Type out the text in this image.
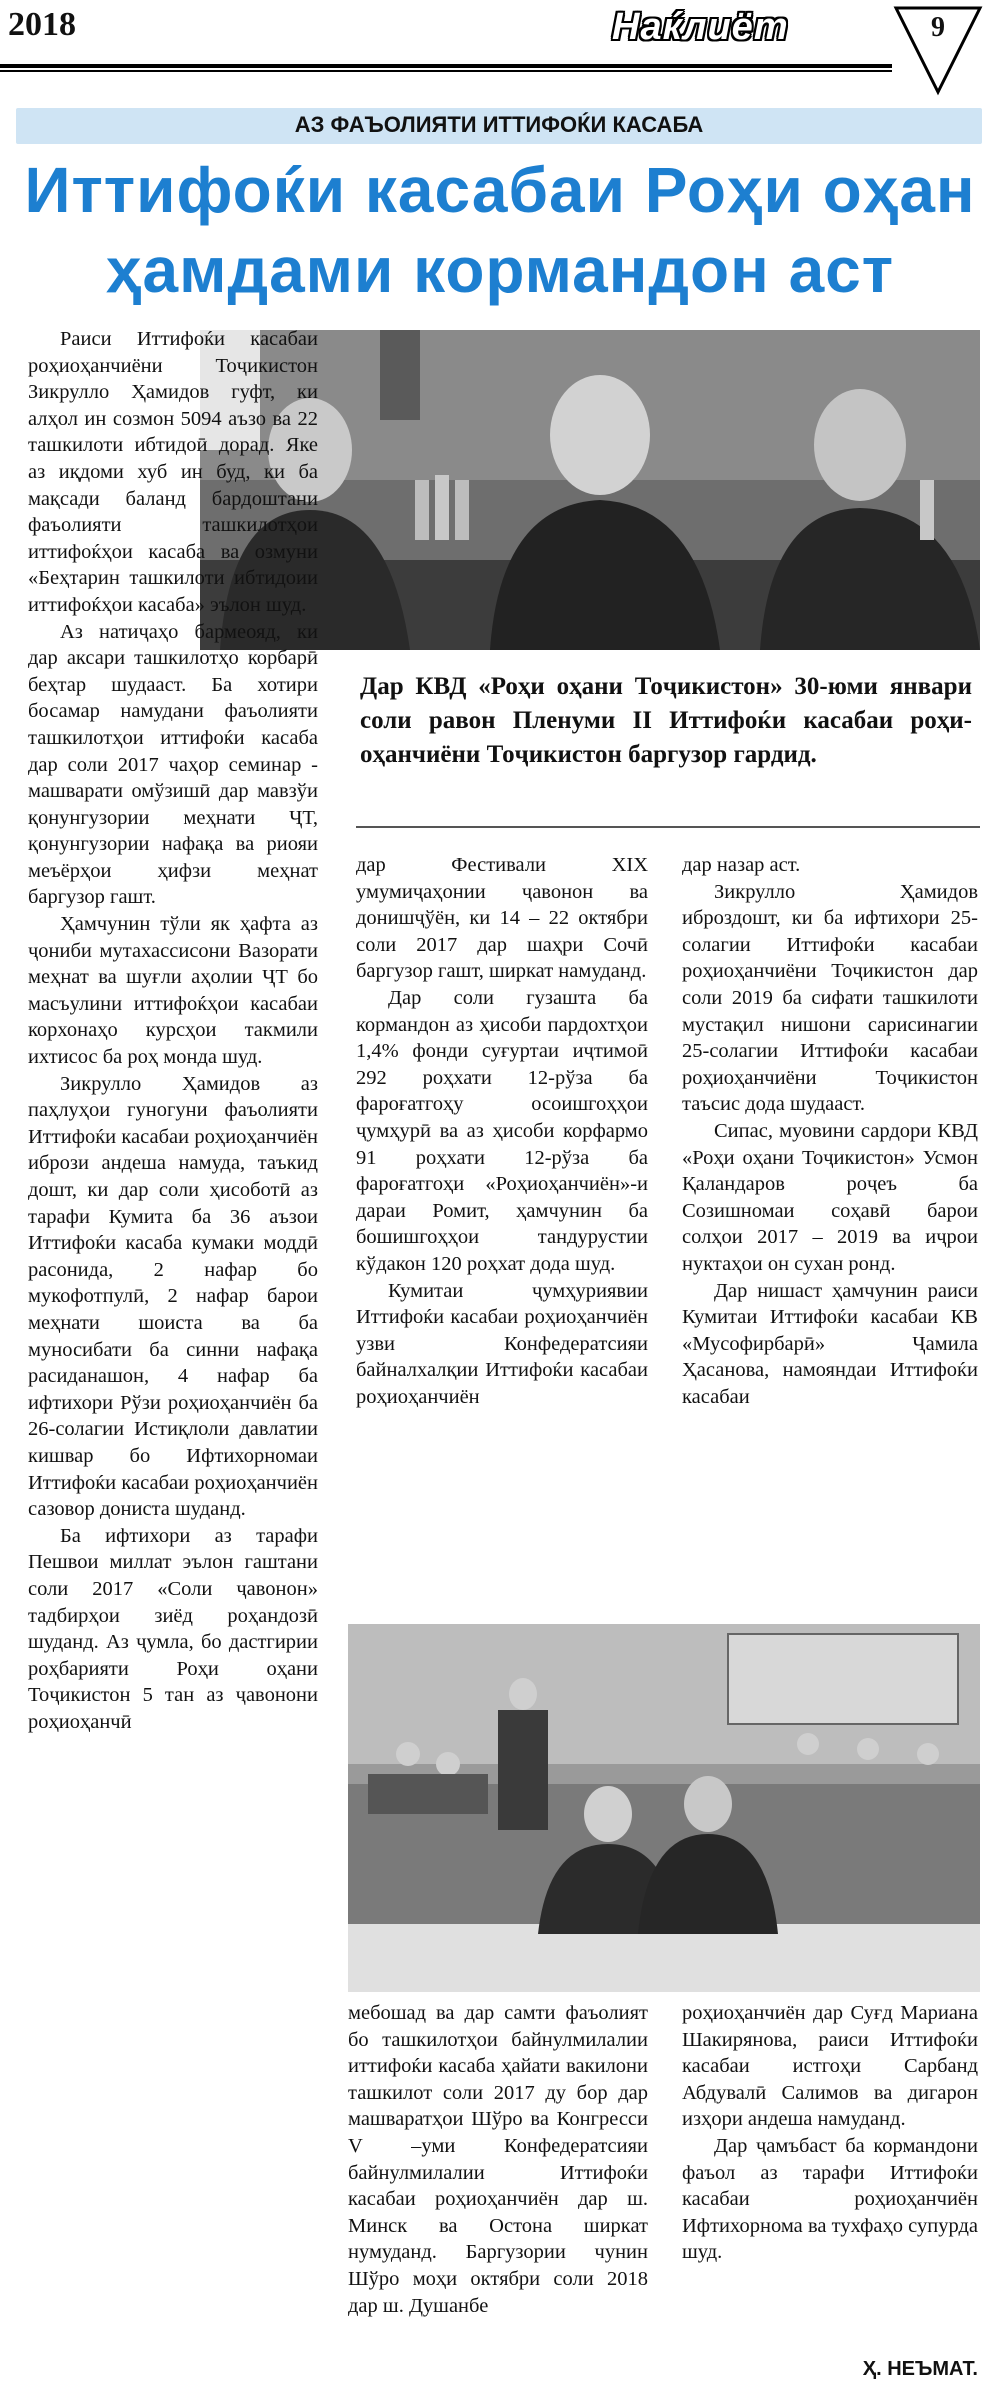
2018	Наќлиёт	9
АЗ ФАЪОЛИЯТИ ИТТИФОЌИ КАСАБА
Иттифоќи касабаи Роҳи оҳан ҳамдами кормандон аст
Дар КВД «Роҳи оҳани Тоҷикистон» 30-юми январи соли равон Пленуми II Иттифоќи касабаи роҳи-оҳанчиёни Тоҷикистон баргузор гардид.

Раиси Иттифоќи касабаи роҳиоҳанчиёни Тоҷикистон Зикрулло Ҳамидов гуфт, ки алҳол ин созмон 5094 аъзо ва 22 ташкилоти ибтидоӣ дорад. Яке аз иқдоми хуб ин буд, ки ба мақсади баланд бардоштани фаъолияти ташкилотҳои иттифоќҳои касаба ва озмуни «Беҳтарин ташкилоти ибтидоии иттифоќҳои касаба» эълон шуд.

Аз натиҷаҳо бармеояд, ки дар аксари ташкилотҳо корбарӣ беҳтар шудааст. Ба хотири босамар намудани фаъолияти ташкилотҳои иттифоќи касаба дар соли 2017 чаҳор семинар - машварати омўзишӣ дар мавзўи қонунгузории меҳнати ҶТ, қонунгузории нафақа ва риояи меъёрҳои ҳифзи меҳнат баргузор гашт.

Ҳамчунин тўли як ҳафта аз ҷониби мутахассисони Вазорати меҳнат ва шуғли аҳолии ҶТ бо масъулини иттифоќҳои касабаи корхонаҳо курсҳои такмили ихтисос ба роҳ монда шуд.

Зикрулло Ҳамидов аз паҳлуҳои гуногуни фаъолияти Иттифоќи касабаи роҳиоҳанчиён ибрози андеша намуда, таъкид дошт, ки дар соли ҳисоботӣ аз тарафи Кумита ба 36 аъзои Иттифоќи касаба кумаки моддӣ расонида, 2 нафар бо мукофотпулӣ, 2 нафар барои меҳнати шоиста ва ба муносибати ба синни нафақа расиданашон, 4 нафар ба ифтихори Рўзи роҳиоҳанчиён ба 26-солагии Истиқлоли давлатии кишвар бо Ифтихорномаи Иттифоќи касабаи роҳиоҳанчиён сазовор дониста шуданд.

Ба ифтихори аз тарафи Пешвои миллат эълон гаштани соли 2017 «Соли ҷавонон» тадбирҳои зиёд роҳандозӣ шуданд. Аз ҷумла, бо дастгирии роҳбарияти Роҳи оҳани Тоҷикистон 5 тан аз ҷавонони роҳиоҳанчӣ

дар Фестивали XIX умумиҷаҳонии ҷавонон ва донишҷўён, ки 14 – 22 октябри соли 2017 дар шаҳри Сочӣ баргузор гашт, ширкат намуданд.

Дар соли гузашта ба кормандон аз ҳисоби пардохтҳои 1,4% фонди суғуртаи иҷтимоӣ 292 роҳхати 12-рўза ба фароғатгоҳу осоишгоҳҳои ҷумҳурӣ ва аз ҳисоби корфармо 91 роҳхати 12-рўза ба фароғатгоҳи «Роҳиоҳанчиён»-и дараи Ромит, ҳамчунин ба бошишгоҳҳои тандурустии кўдакон 120 роҳхат дода шуд.

Кумитаи ҷумҳуриявии Иттифоќи касабаи роҳиоҳанчиён узви Конфедератсияи байналхалқии Иттифоќи касабаи роҳиоҳанчиён

дар назар аст.

Зикрулло Ҳамидов иброздошт, ки ба ифтихори 25-солагии Иттифоќи касабаи роҳиоҳанчиёни Тоҷикистон дар соли 2019 ба сифати ташкилоти мустақил нишони сарисинагии 25-солагии Иттифоќи касабаи роҳиоҳанчиёни Тоҷикистон таъсис дода шудааст.

Сипас, муовини сардори КВД «Роҳи оҳани Тоҷикистон» Усмон Қаландаров роҷеъ ба Созишномаи соҳавӣ барои солҳои 2017 – 2019 ва иҷрои нуктаҳои он сухан ронд.

Дар нишаст ҳамчунин раиси Кумитаи Иттифоќи касабаи КВ «Мусофирбарӣ» Ҷамила Ҳасанова, намояндаи Иттифоќи касабаи

мебошад ва дар самти фаъолият бо ташкилотҳои байнулмилалии иттифоќи касаба ҳайати вакилони ташкилот соли 2017 ду бор дар машваратҳои Шўро ва Конгресси V –уми Конфедератсияи байнулмилалии Иттифоќи касабаи роҳиоҳанчиён дар ш. Минск ва Остона ширкат нумуданд. Баргузории чунин Шўро моҳи октябри соли 2018 дар ш. Душанбе

роҳиоҳанчиён дар Суғд Мариана Шакирянова, раиси Иттифоќи касабаи истгоҳи Сарбанд Абдувалӣ Салимов ва дигарон изҳори андеша намуданд.

Дар ҷамъбаст ба кормандони фаъол аз тарафи Иттифоќи касабаи роҳиоҳанчиён Ифтихорнома ва тухфаҳо супурда шуд.

Ҳ. НЕЪМАТ.
